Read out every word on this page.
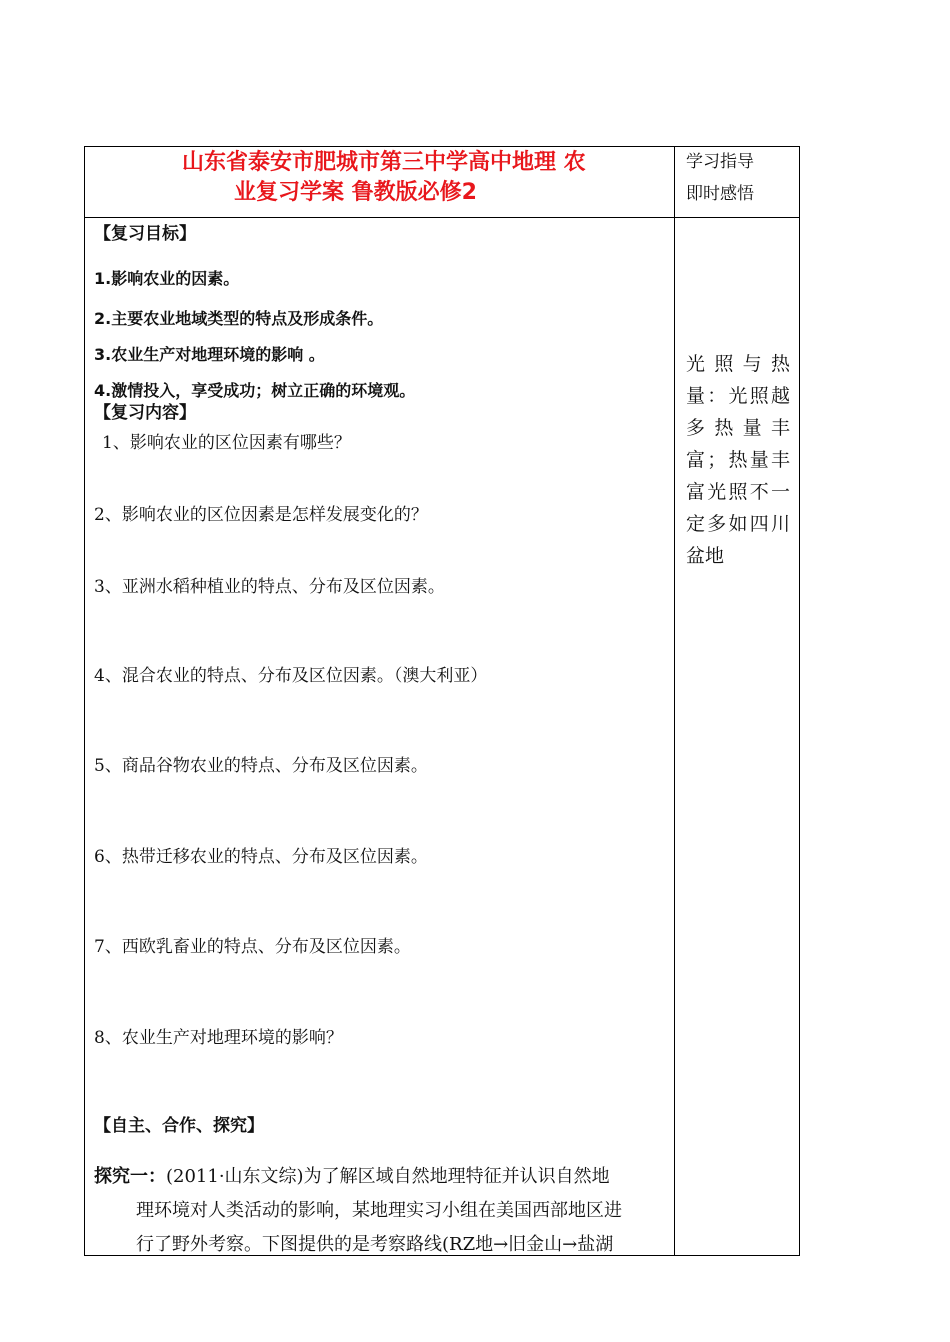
山东省泰安市肥城市第三中学高中地理 农
业复习学案 鲁教版必修2
学习指导
即时感悟
光 照 与 热
量：光照越
多 热 量 丰
富；热量丰
富光照不一
定多如四川
盆地
【复习目标】
1.影响农业的因素。
2.主要农业地域类型的特点及形成条件。
3.农业生产对地理环境的影响 。
4.激情投入，享受成功；树立正确的环境观。
【复习内容】
1、影响农业的区位因素有哪些？
2、影响农业的区位因素是怎样发展变化的？
3、亚洲水稻种植业的特点、分布及区位因素。
4、混合农业的特点、分布及区位因素。（澳大利亚）
5、商品谷物农业的特点、分布及区位因素。
6、热带迁移农业的特点、分布及区位因素。
7、西欧乳畜业的特点、分布及区位因素。
8、农业生产对地理环境的影响？
【自主、合作、探究】
探究一：(2011·山东文综)为了解区域自然地理特征并认识自然地
理环境对人类活动的影响，某地理实习小组在美国西部地区进
行了野外考察。下图提供的是考察路线(RZ地→旧金山→盐湖
